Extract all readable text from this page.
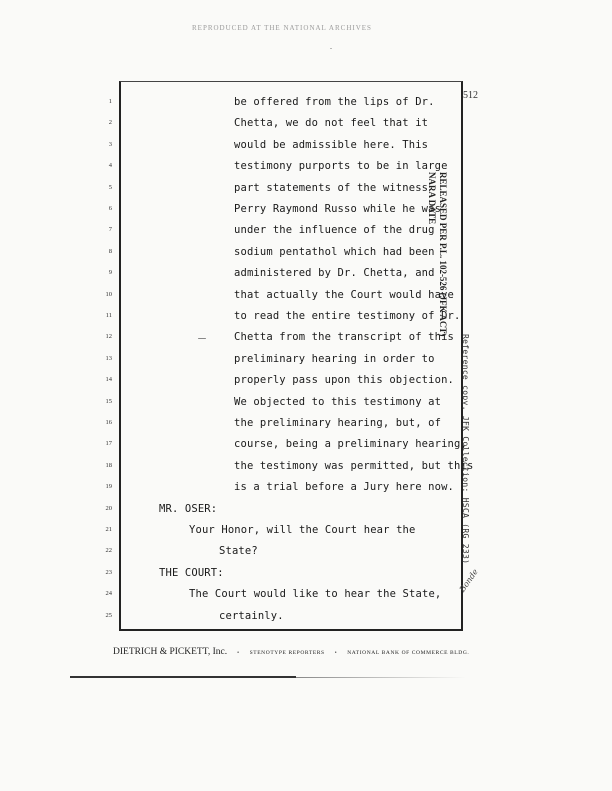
REPRODUCED AT THE NATIONAL ARCHIVES
512
1	be offered from the lips of Dr.
2	Chetta, we do not feel that it
3	would be admissible here. This
4	testimony purports to be in large
5	part statements of the witness
6	Perry Raymond Russo while he was
7	under the influence of the drug
8	sodium pentathol which had been
9	administered by Dr. Chetta, and
10	that actually the Court would have
11	to read the entire testimony of Dr.
12	Chetta from the transcript of this
13	preliminary hearing in order to
14	properly pass upon this objection.
15	We objected to this testimony at
16	the preliminary hearing, but, of
17	course, being a preliminary hearing,
18	the testimony was permitted, but this
19	is a trial before a Jury here now.
20	MR. OSER:
21	Your Honor, will the Court hear the
22	State?
23	THE COURT:
24	The Court would like to hear the State,
25	certainly.
RELEASED PER P.L. 102-526 (JFK ACT)
NARA DATE
Reference copy, JFK Collection: HSCA (RG 233)
Bonde
DIETRICH & PICKETT, Inc. • STENOTYPE REPORTERS • NATIONAL BANK OF COMMERCE BLDG.
